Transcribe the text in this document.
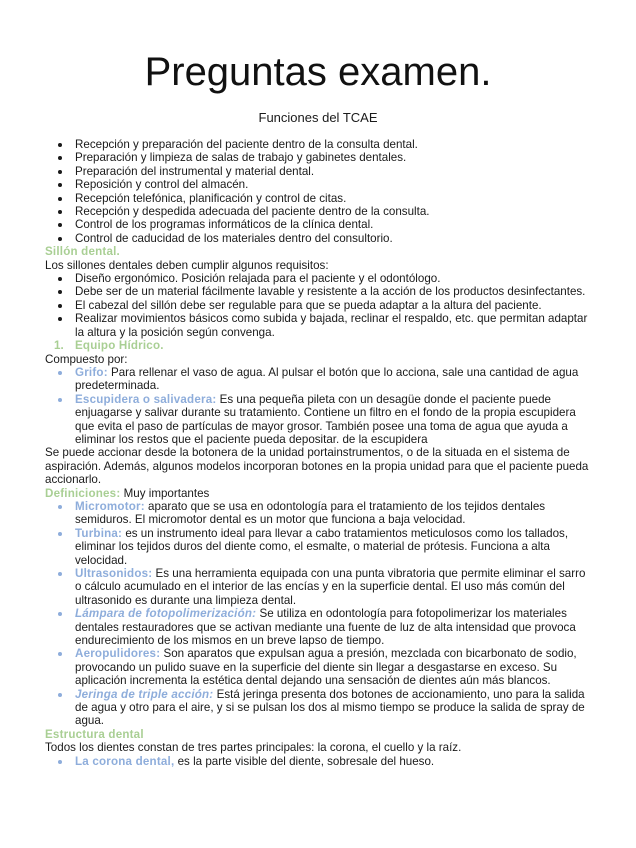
Preguntas examen.

Funciones del TCAE

Recepción y preparación del paciente dentro de la consulta dental.
Preparación y limpieza de salas de trabajo y gabinetes dentales.
Preparación del instrumental y material dental.
Reposición y control del almacén.
Recepción telefónica, planificación y control de citas.
Recepción y despedida adecuada del paciente dentro de la consulta.
Control de los programas informáticos de la clínica dental.
Control de caducidad de los materiales dentro del consultorio.

Sillón dental.

Los sillones dentales deben cumplir algunos requisitos:

Diseño ergonómico. Posición relajada para el paciente y el odontólogo.
Debe ser de un material fácilmente lavable y resistente a la acción de los productos desinfectantes.
El cabezal del sillón debe ser regulable para que se pueda adaptar a la altura del paciente.
Realizar movimientos básicos como subida y bajada, reclinar el respaldo, etc. que permitan adaptar la altura y la posición según convenga.
1. Equipo Hídrico.

Compuesto por:

Grifo: Para rellenar el vaso de agua. Al pulsar el botón que lo acciona, sale una cantidad de agua predeterminada.
Escupidera o salivadera: Es una pequeña pileta con un desagüe donde el paciente puede enjuagarse y salivar durante su tratamiento. Contiene un filtro en el fondo de la propia escupidera que evita el paso de partículas de mayor grosor. También posee una toma de agua que ayuda a eliminar los restos que el paciente pueda depositar. de la escupidera

Se puede accionar desde la botonera de la unidad portainstrumentos, o de la situada en el sistema de aspiración. Además, algunos modelos incorporan botones en la propia unidad para que el paciente pueda accionarlo.

Definiciones: Muy importantes

Micromotor: aparato que se usa en odontología para el tratamiento de los tejidos dentales semiduros. El micromotor dental es un motor que funciona a baja velocidad.
Turbina: es un instrumento ideal para llevar a cabo tratamientos meticulosos como los tallados, eliminar los tejidos duros del diente como, el esmalte, o material de prótesis. Funciona a alta velocidad.
Ultrasonidos: Es una herramienta equipada con una punta vibratoria que permite eliminar el sarro o cálculo acumulado en el interior de las encías y en la superficie dental. El uso más común del ultrasonido es durante una limpieza dental.
Lámpara de fotopolimerización: Se utiliza en odontología para fotopolimerizar los materiales dentales restauradores que se activan mediante una fuente de luz de alta intensidad que provoca endurecimiento de los mismos en un breve lapso de tiempo.
Aeropulidores: Son aparatos que expulsan agua a presión, mezclada con bicarbonato de sodio, provocando un pulido suave en la superficie del diente sin llegar a desgastarse en exceso. Su aplicación incrementa la estética dental dejando una sensación de dientes aún más blancos.
Jeringa de triple acción: Está jeringa presenta dos botones de accionamiento, uno para la salida de agua y otro para el aire, y si se pulsan los dos al mismo tiempo se produce la salida de spray de agua.

Estructura dental

Todos los dientes constan de tres partes principales: la corona, el cuello y la raíz.

La corona dental, es la parte visible del diente, sobresale del hueso.
